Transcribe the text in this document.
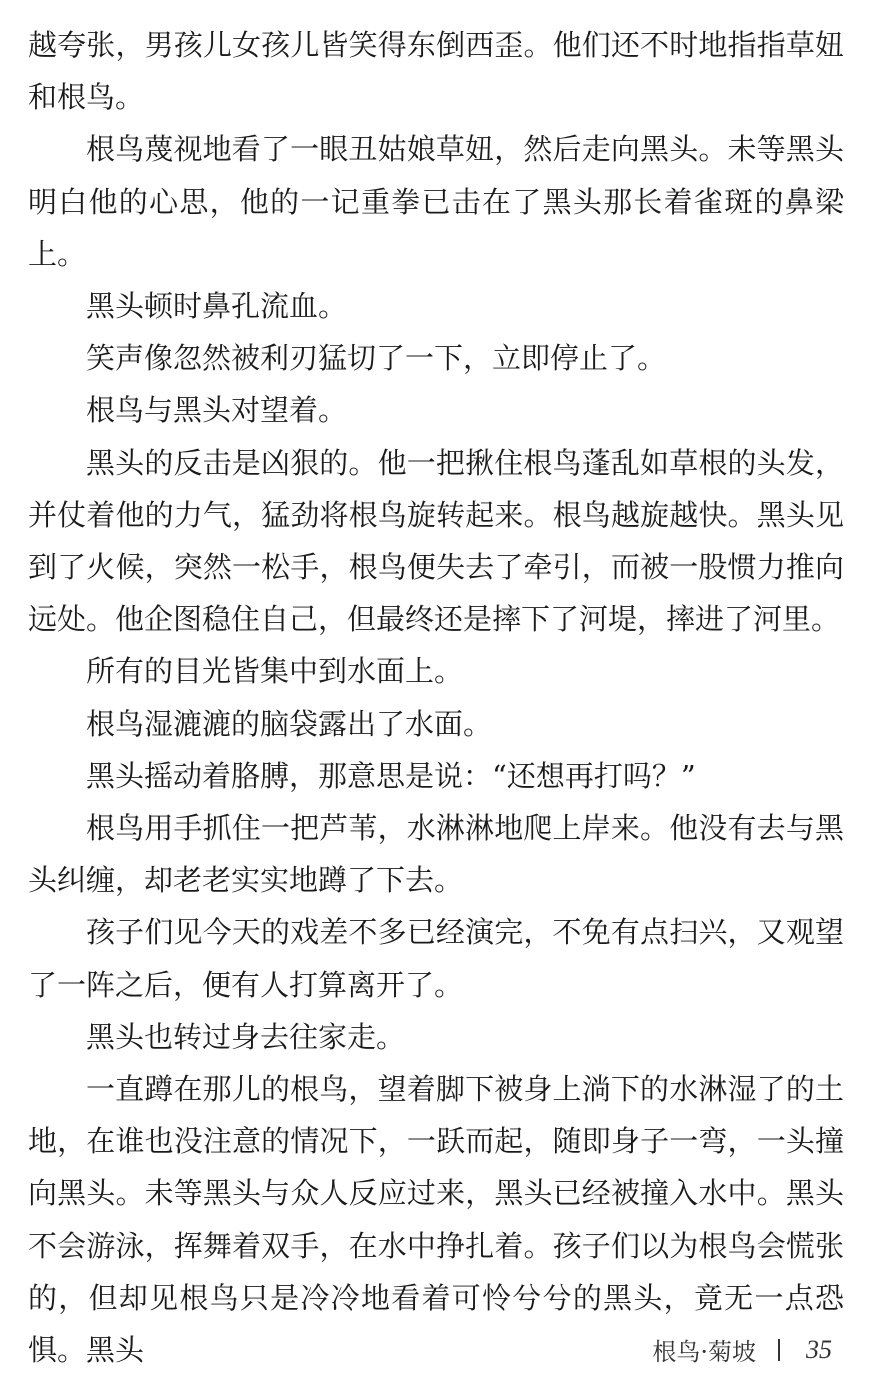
越夸张，男孩儿女孩儿皆笑得东倒西歪。他们还不时地指指草妞和根鸟。

根鸟蔑视地看了一眼丑姑娘草妞，然后走向黑头。未等黑头明白他的心思，他的一记重拳已击在了黑头那长着雀斑的鼻梁上。

黑头顿时鼻孔流血。

笑声像忽然被利刃猛切了一下，立即停止了。

根鸟与黑头对望着。

黑头的反击是凶狠的。他一把揪住根鸟蓬乱如草根的头发，并仗着他的力气，猛劲将根鸟旋转起来。根鸟越旋越快。黑头见到了火候，突然一松手，根鸟便失去了牵引，而被一股惯力推向远处。他企图稳住自己，但最终还是摔下了河堤，摔进了河里。

所有的目光皆集中到水面上。

根鸟湿漉漉的脑袋露出了水面。

黑头摇动着胳膊，那意思是说：“还想再打吗？”

根鸟用手抓住一把芦苇，水淋淋地爬上岸来。他没有去与黑头纠缠，却老老实实地蹲了下去。

孩子们见今天的戏差不多已经演完，不免有点扫兴，又观望了一阵之后，便有人打算离开了。

黑头也转过身去往家走。

一直蹲在那儿的根鸟，望着脚下被身上淌下的水淋湿了的土地，在谁也没注意的情况下，一跃而起，随即身子一弯，一头撞向黑头。未等黑头与众人反应过来，黑头已经被撞入水中。黑头不会游泳，挥舞着双手，在水中挣扎着。孩子们以为根鸟会慌张的，但却见根鸟只是冷冷地看着可怜兮兮的黑头，竟无一点恐惧。黑头	根鸟·菊坡 35
